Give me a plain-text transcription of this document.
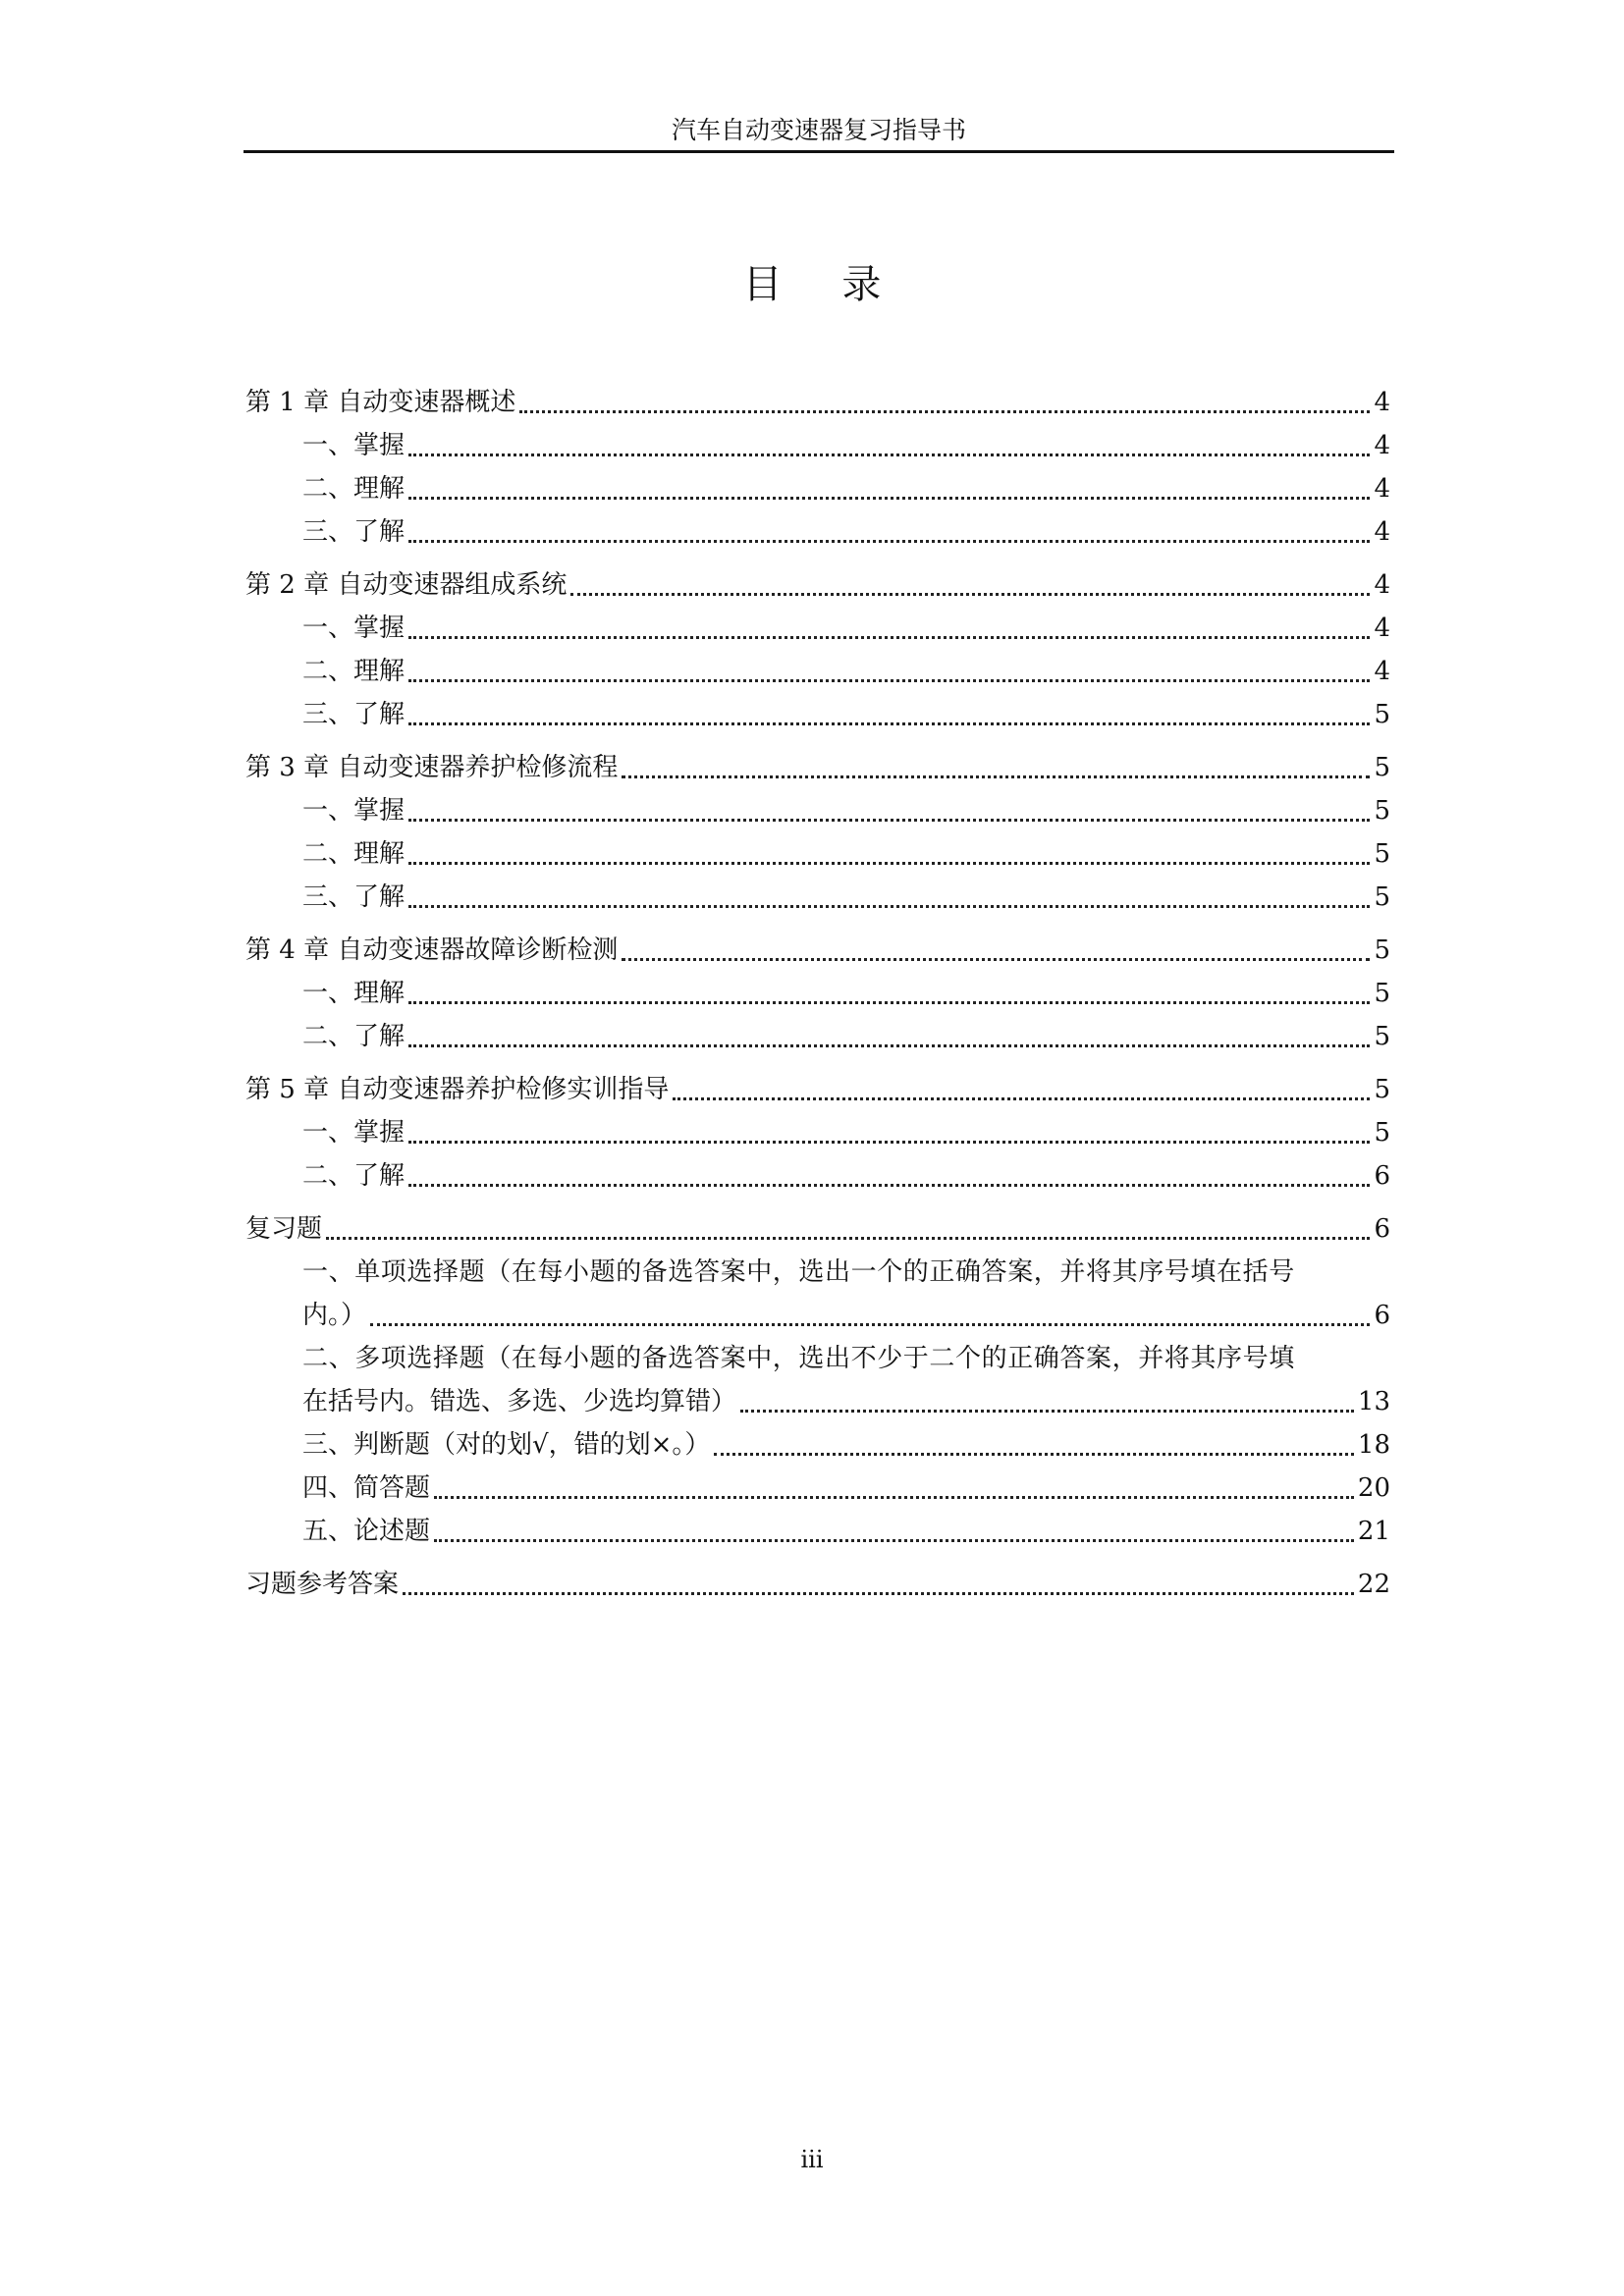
汽车自动变速器复习指导书
目 录
第 1 章 自动变速器概述	4
一、掌握	4
二、理解	4
三、了解	4
第 2 章 自动变速器组成系统	4
一、掌握	4
二、理解	4
三、了解	5
第 3 章 自动变速器养护检修流程	5
一、掌握	5
二、理解	5
三、了解	5
第 4 章 自动变速器故障诊断检测	5
一、理解	5
二、了解	5
第 5 章 自动变速器养护检修实训指导	5
一、掌握	5
二、了解	6
复习题	6
一、单项选择题（在每小题的备选答案中，选出一个的正确答案，并将其序号填在括号
内。）	6
二、多项选择题（在每小题的备选答案中，选出不少于二个的正确答案，并将其序号填
在括号内。错选、多选、少选均算错）	13
三、判断题（对的划√，错的划×。）	18
四、简答题	20
五、论述题	21
习题参考答案	22
iii
